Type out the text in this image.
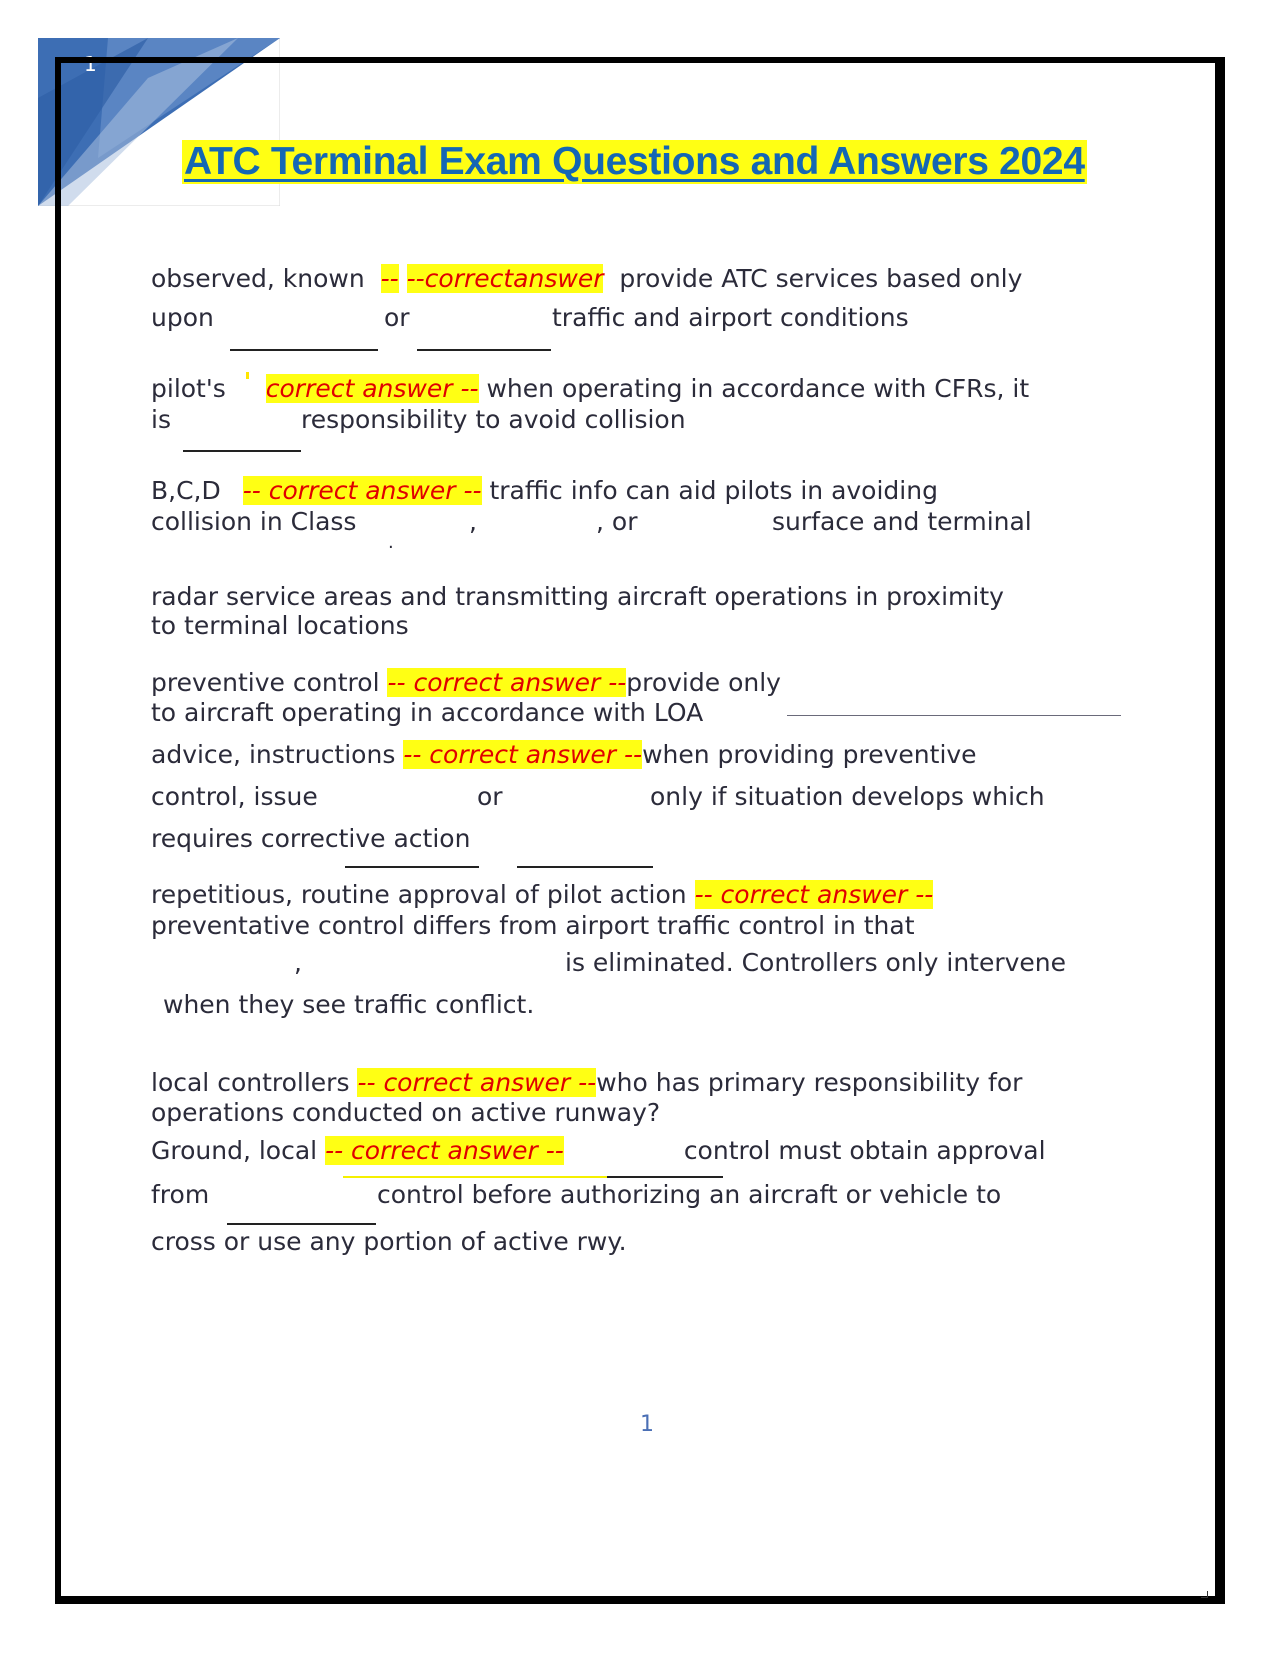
1
ATC Terminal Exam Questions and Answers 2024
observed, known -- --correctanswer provide ATC services based only
upon	or	traffic and airport conditions
pilot's correct answer -- when operating in accordance with CFRs, it
is	responsibility to avoid collision
B,C,D -- correct answer -- traffic info can aid pilots in avoiding
collision in Class	,	, or	surface and terminal
.
radar service areas and transmitting aircraft operations in proximity
to terminal locations
preventive control -- correct answer --provide only
to aircraft operating in accordance with LOA
advice, instructions -- correct answer --when providing preventive
control, issue	or	only if situation develops which
requires corrective action
repetitious, routine approval of pilot action -- correct answer --
preventative control differs from airport traffic control in that
,	is eliminated. Controllers only intervene
when they see traffic conflict.
local controllers -- correct answer --who has primary responsibility for
operations conducted on active runway?
Ground, local -- correct answer --	control must obtain approval
from	control before authorizing an aircraft or vehicle to
cross or use any portion of active rwy.
1
